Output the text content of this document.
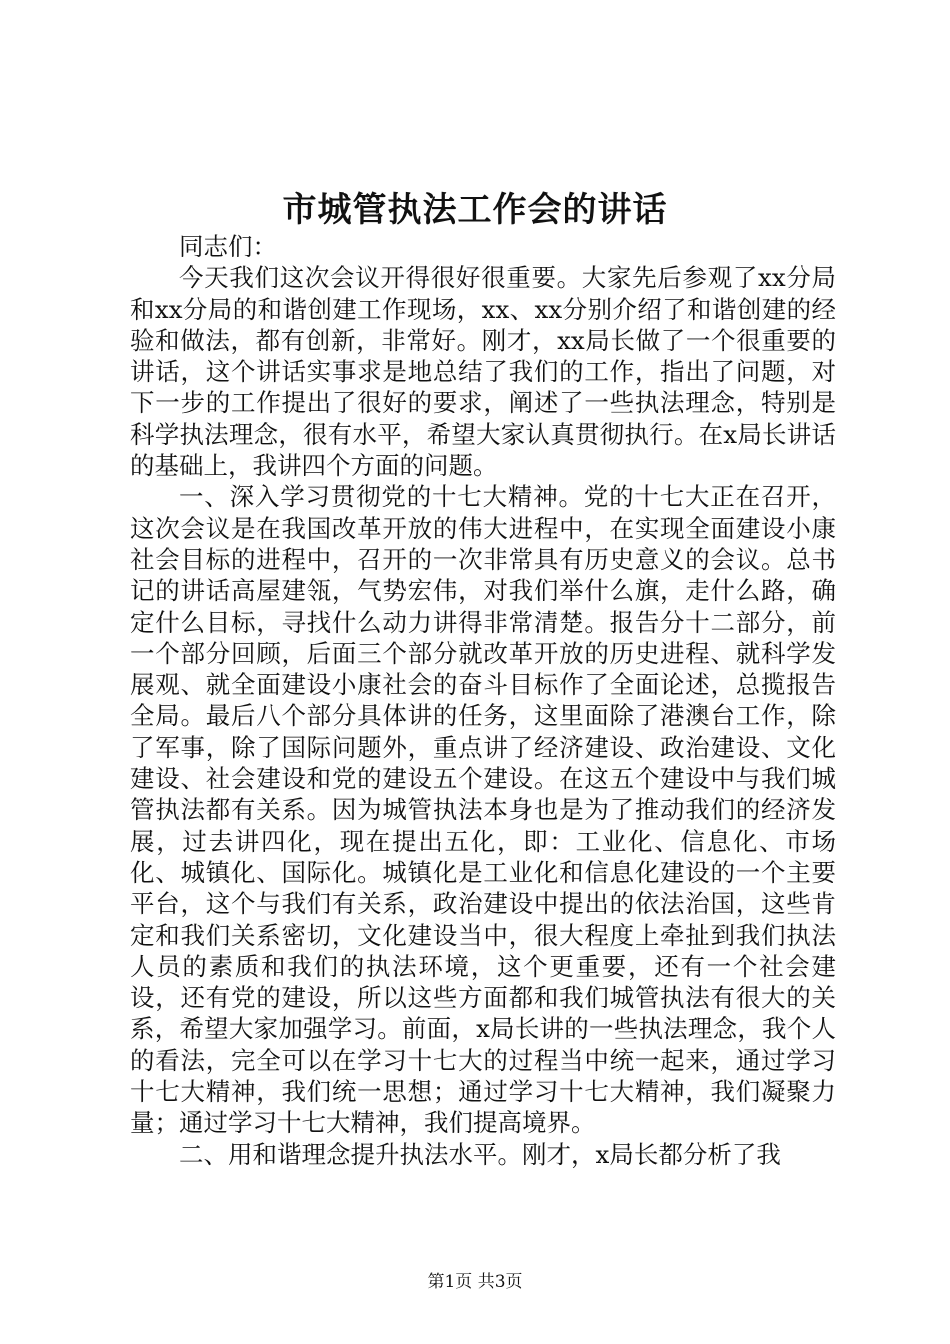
市城管执法工作会的讲话

同志们：

今天我们这次会议开得很好很重要。大家先后参观了xx分局和xx分局的和谐创建工作现场，xx、xx分别介绍了和谐创建的经验和做法，都有创新，非常好。刚才，xx局长做了一个很重要的讲话，这个讲话实事求是地总结了我们的工作，指出了问题，对下一步的工作提出了很好的要求，阐述了一些执法理念，特别是科学执法理念，很有水平，希望大家认真贯彻执行。在x局长讲话的基础上，我讲四个方面的问题。

一、深入学习贯彻党的十七大精神。党的十七大正在召开，这次会议是在我国改革开放的伟大进程中，在实现全面建设小康社会目标的进程中，召开的一次非常具有历史意义的会议。总书记的讲话高屋建瓴，气势宏伟，对我们举什么旗，走什么路，确定什么目标，寻找什么动力讲得非常清楚。报告分十二部分，前一个部分回顾，后面三个部分就改革开放的历史进程、就科学发展观、就全面建设小康社会的奋斗目标作了全面论述，总揽报告全局。最后八个部分具体讲的任务，这里面除了港澳台工作，除了军事，除了国际问题外，重点讲了经济建设、政治建设、文化建设、社会建设和党的建设五个建设。在这五个建设中与我们城管执法都有关系。因为城管执法本身也是为了推动我们的经济发展，过去讲四化，现在提出五化，即：工业化、信息化、市场化、城镇化、国际化。城镇化是工业化和信息化建设的一个主要平台，这个与我们有关系，政治建设中提出的依法治国，这些肯定和我们关系密切，文化建设当中，很大程度上牵扯到我们执法人员的素质和我们的执法环境，这个更重要，还有一个社会建设，还有党的建设，所以这些方面都和我们城管执法有很大的关系，希望大家加强学习。前面，x局长讲的一些执法理念，我个人的看法，完全可以在学习十七大的过程当中统一起来，通过学习十七大精神，我们统一思想；通过学习十七大精神，我们凝聚力量；通过学习十七大精神，我们提高境界。

二、用和谐理念提升执法水平。刚才，x局长都分析了我

第1页 共3页
